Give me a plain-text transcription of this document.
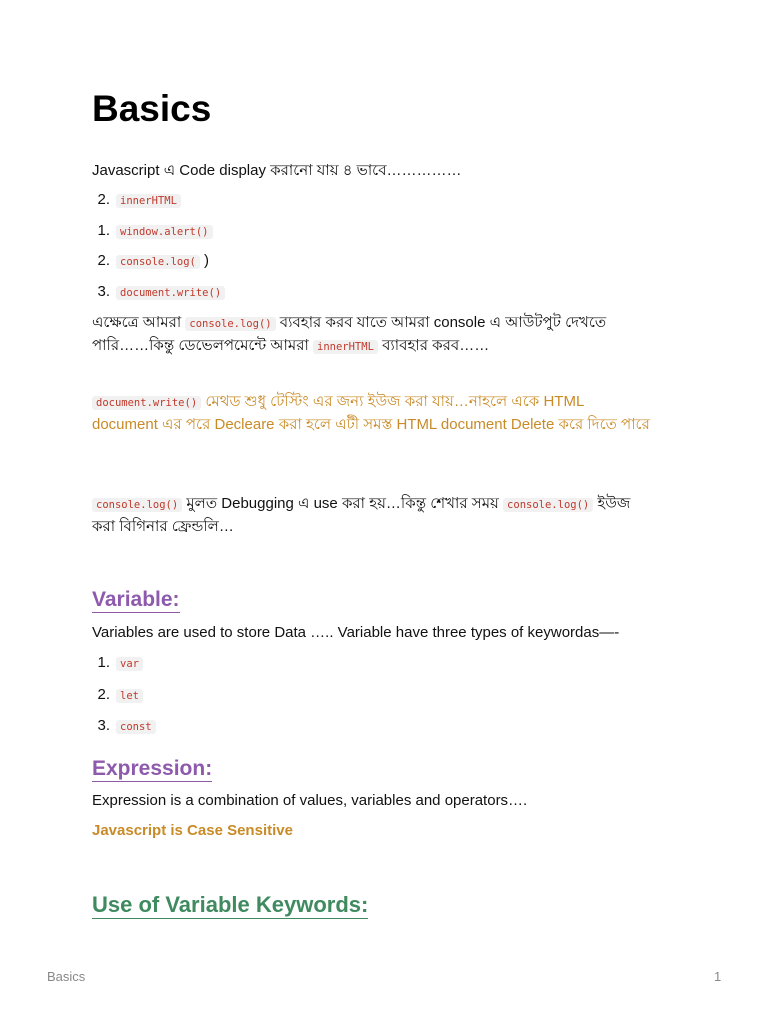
Basics

Javascript এ Code display করানো যায় ৪ ভাবে……………

2. innerHTML
1. window.alert()
2. console.log( )
3. document.write()

এক্ষেত্রে আমরা console.log() ব্যবহার করব যাতে আমরা console এ আউটপুট দেখতে পারি……কিন্তু ডেভেলপমেন্টে আমরা innerHTML ব্যাবহার করব……

document.write() মেথড শুধু টেস্টিং এর জন্য ইউজ করা যায়…নাহলে একে HTML document এর পরে Decleare করা হলে এটী সমস্ত HTML document Delete করে দিতে পারে

console.log() মুলত Debugging এ use করা হয়…কিন্তু শেখার সময় console.log() ইউজ করা বিগিনার ফ্রেন্ডলি…

Variable:

Variables are used to store Data ….. Variable have three types of keywordas—-

1. var
2. let
3. const
Expression:

Expression is a combination of values, variables and operators….

Javascript is Case Sensitive

Use of Variable Keywords:
Basics	1
